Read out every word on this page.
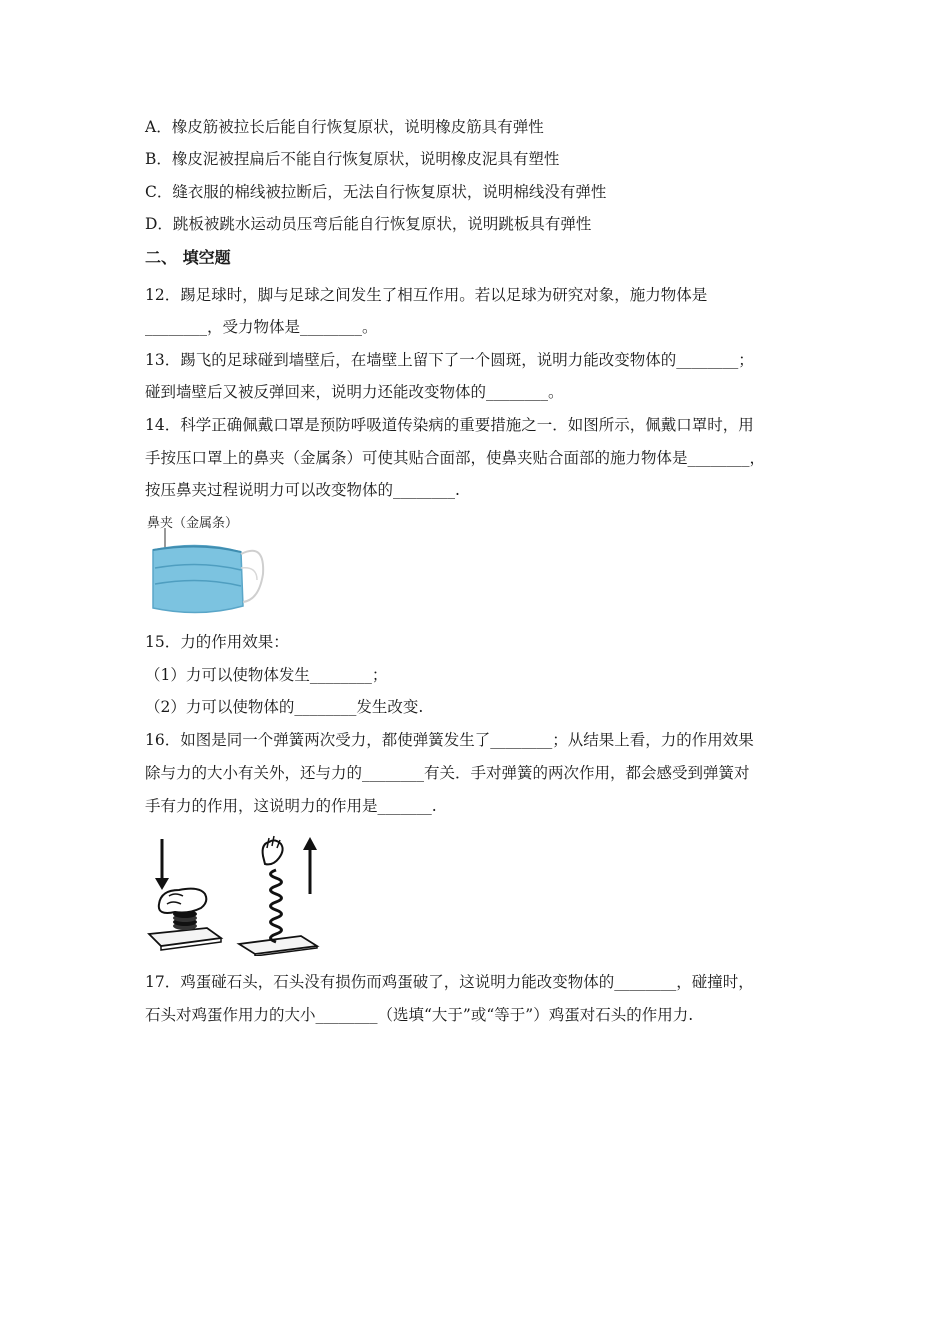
A．橡皮筋被拉长后能自行恢复原状，说明橡皮筋具有弹性
B．橡皮泥被捏扁后不能自行恢复原状，说明橡皮泥具有塑性
C．缝衣服的棉线被拉断后，无法自行恢复原状，说明棉线没有弹性
D．跳板被跳水运动员压弯后能自行恢复原状，说明跳板具有弹性
二、 填空题
12．踢足球时，脚与足球之间发生了相互作用。若以足球为研究对象，施力物体是
________，受力物体是________。
13．踢飞的足球碰到墙壁后，在墙壁上留下了一个圆斑，说明力能改变物体的________；
碰到墙壁后又被反弹回来，说明力还能改变物体的________。
14．科学正确佩戴口罩是预防呼吸道传染病的重要措施之一．如图所示，佩戴口罩时，用
手按压口罩上的鼻夹（金属条）可使其贴合面部，使鼻夹贴合面部的施力物体是________，
按压鼻夹过程说明力可以改变物体的________.
鼻夹（金属条）
15．力的作用效果：
（1）力可以使物体发生________；
（2）力可以使物体的________发生改变.
16．如图是同一个弹簧两次受力，都使弹簧发生了________；从结果上看，力的作用效果
除与力的大小有关外，还与力的________有关．手对弹簧的两次作用，都会感受到弹簧对
手有力的作用，这说明力的作用是_______.
17．鸡蛋碰石头，石头没有损伤而鸡蛋破了，这说明力能改变物体的________，碰撞时，
石头对鸡蛋作用力的大小________（选填“大于”或“等于”）鸡蛋对石头的作用力.
